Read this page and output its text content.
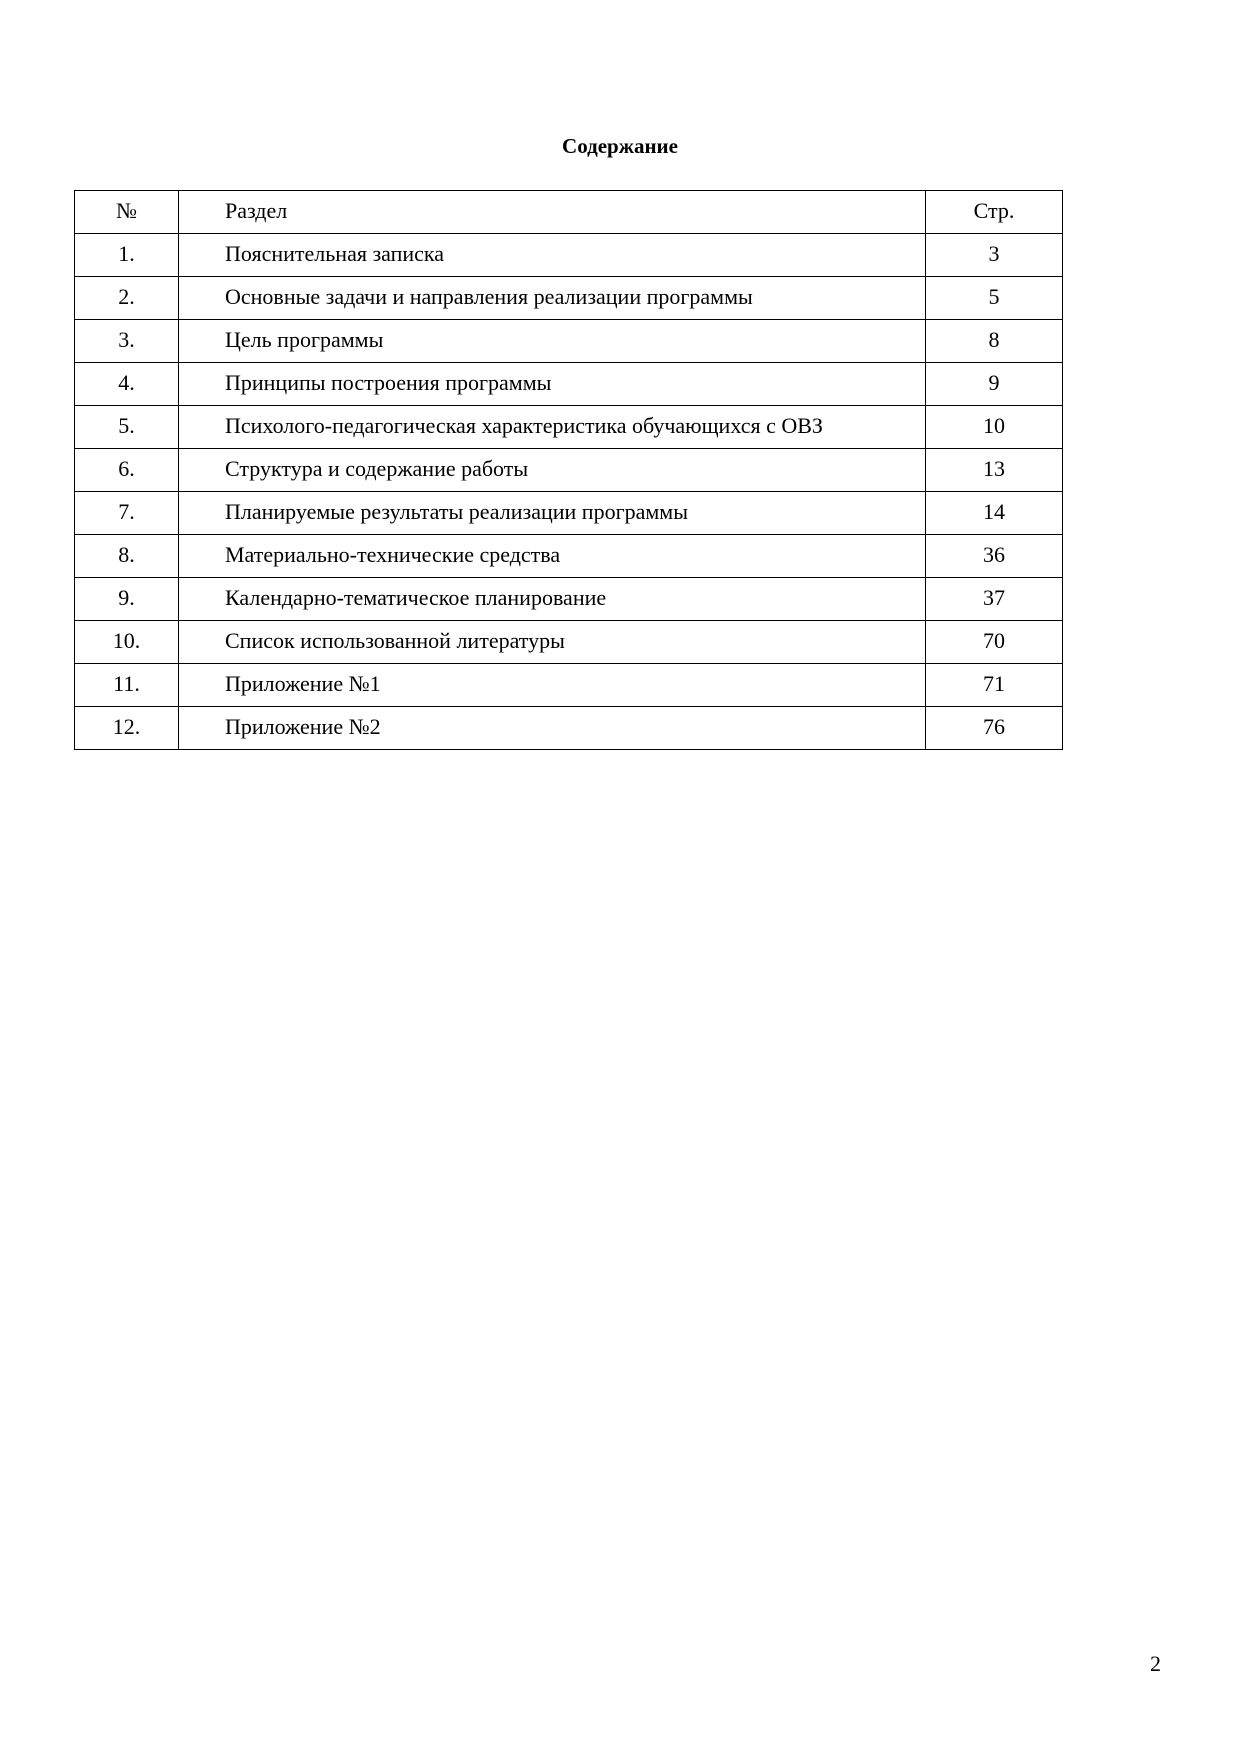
Содержание
№	Раздел	Стр.
1.	Пояснительная записка	3
2.	Основные задачи и направления реализации программы	5
3.	Цель программы	8
4.	Принципы построения программы	9
5.	Психолого-педагогическая характеристика обучающихся с ОВЗ	10
6.	Структура и содержание работы	13
7.	Планируемые результаты реализации программы	14
8.	Материально-технические средства	36
9.	Календарно-тематическое планирование	37
10.	Список использованной литературы	70
11.	Приложение №1	71
12.	Приложение №2	76
2
